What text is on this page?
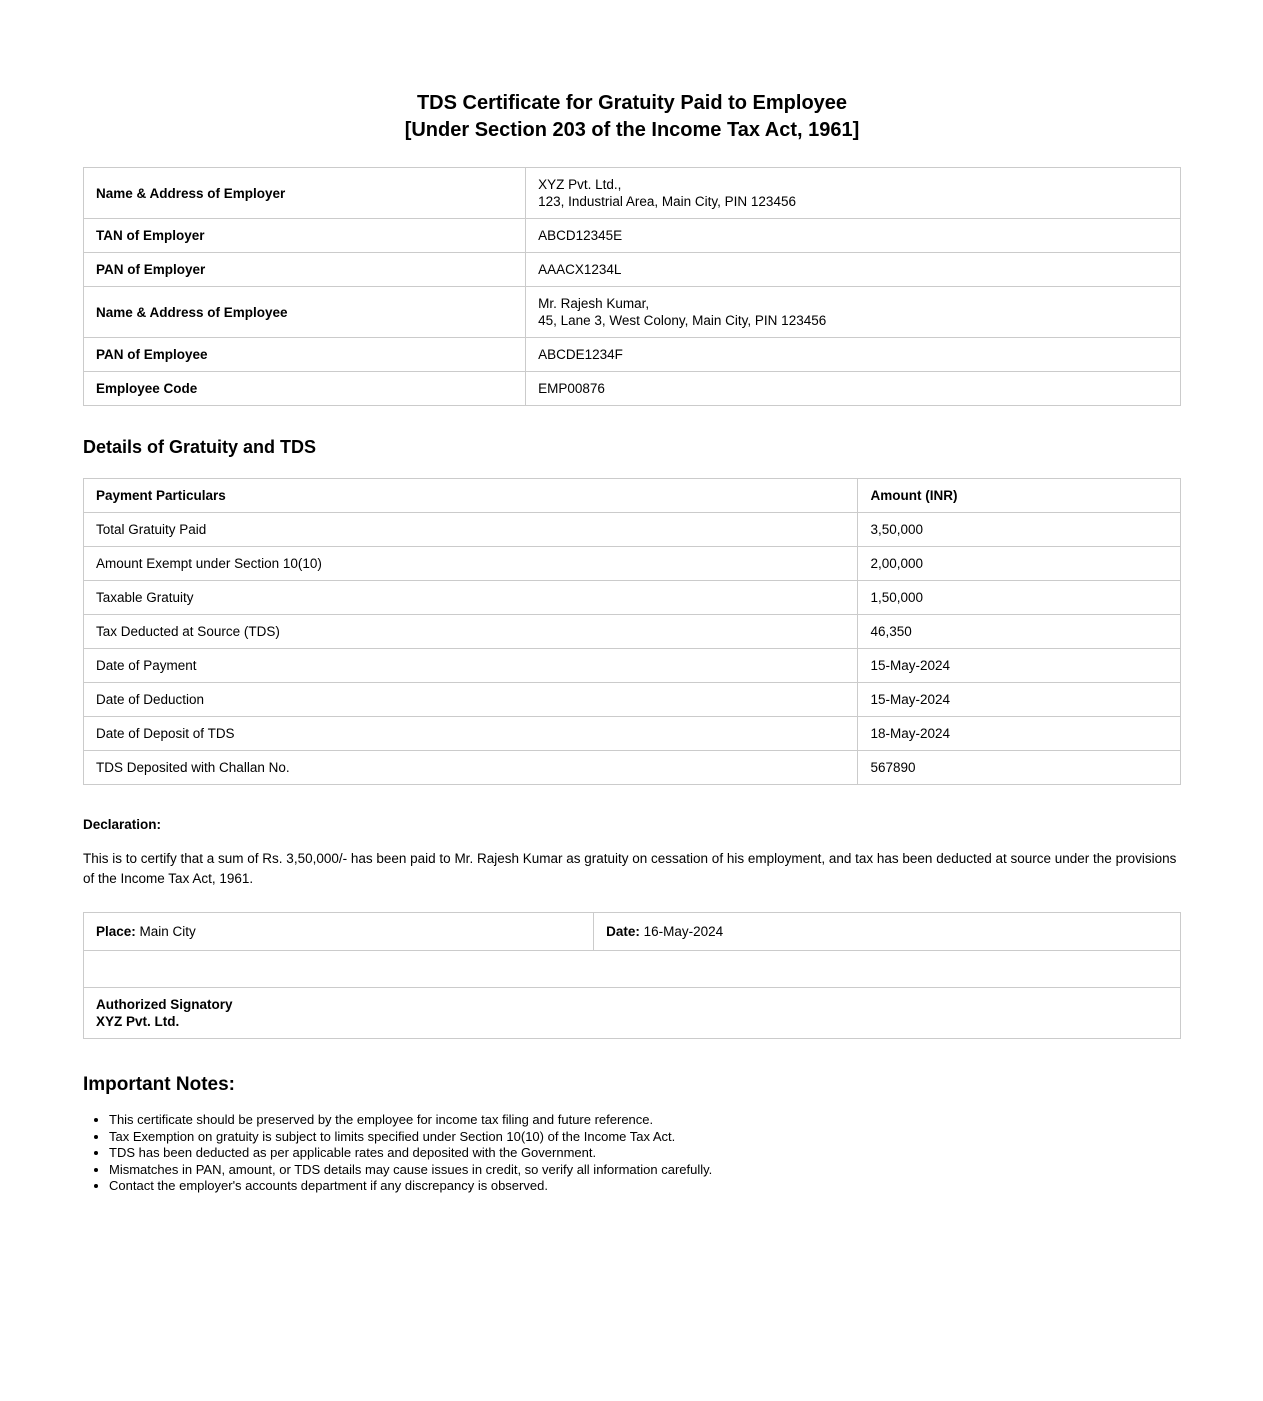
TDS Certificate for Gratuity Paid to Employee
[Under Section 203 of the Income Tax Act, 1961]
Name & Address of Employer	XYZ Pvt. Ltd.,
123, Industrial Area, Main City, PIN 123456

TAN of Employer	ABCD12345E
PAN of Employer	AAACX1234L
Name & Address of Employee	Mr. Rajesh Kumar,
45, Lane 3, West Colony, Main City, PIN 123456

PAN of Employee	ABCDE1234F
Employee Code	EMP00876
Details of Gratuity and TDS
Payment Particulars	Amount (INR)
Total Gratuity Paid	3,50,000
Amount Exempt under Section 10(10)	2,00,000
Taxable Gratuity	1,50,000
Tax Deducted at Source (TDS)	46,350
Date of Payment	15-May-2024
Date of Deduction	15-May-2024
Date of Deposit of TDS	18-May-2024
TDS Deposited with Challan No.	567890
Declaration:

This is to certify that a sum of Rs. 3,50,000/- has been paid to Mr. Rajesh Kumar as gratuity on cessation of his employment, and tax has been deducted at source under the provisions of the Income Tax Act, 1961.

Place: Main City	Date: 16-May-2024

Authorized Signatory
XYZ Pvt. Ltd.
Important Notes:
• This certificate should be preserved by the employee for income tax filing and future reference.
• Tax Exemption on gratuity is subject to limits specified under Section 10(10) of the Income Tax Act.
• TDS has been deducted as per applicable rates and deposited with the Government.
• Mismatches in PAN, amount, or TDS details may cause issues in credit, so verify all information carefully.
• Contact the employer's accounts department if any discrepancy is observed.
